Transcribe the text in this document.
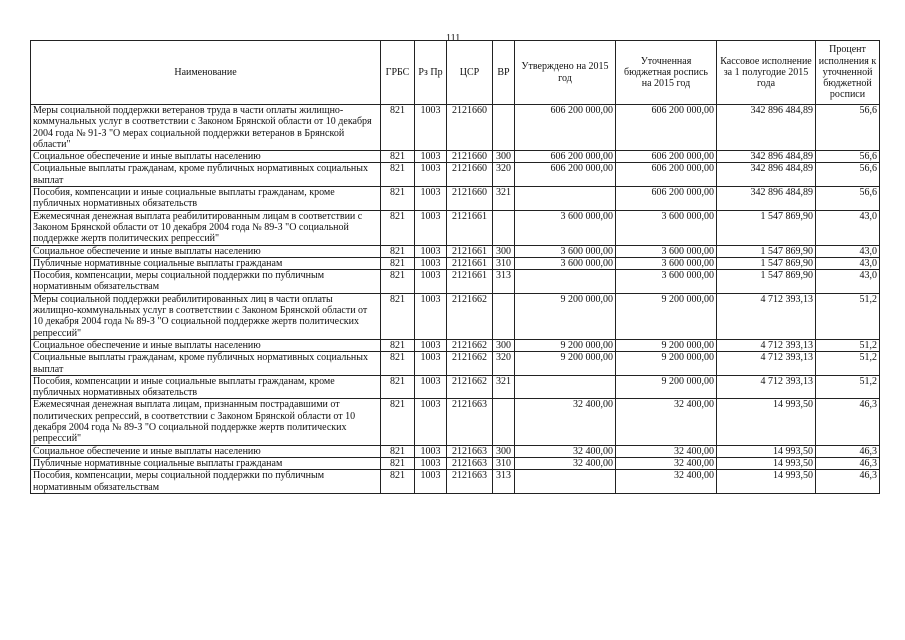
111
Наименование	ГРБС	Рз Пр	ЦСР	ВР	Утверждено на 2015 год	Уточненная бюджетная роспись на 2015 год	Кассовое исполнение за 1 полугодие 2015 года	Процент исполнения к уточненной бюджетной росписи
Меры социальной поддержки ветеранов труда в части оплаты жилищно-коммунальных услуг в соответствии с Законом Брянской области от 10 декабря 2004 года № 91-З "О мерах социальной поддержки ветеранов в Брянской области"	821	1003	2121660		606 200 000,00	606 200 000,00	342 896 484,89	56,6
Социальное обеспечение и иные выплаты населению	821	1003	2121660	300	606 200 000,00	606 200 000,00	342 896 484,89	56,6
Социальные выплаты гражданам, кроме публичных нормативных социальных выплат	821	1003	2121660	320	606 200 000,00	606 200 000,00	342 896 484,89	56,6
Пособия, компенсации и иные социальные выплаты гражданам, кроме публичных нормативных обязательств	821	1003	2121660	321		606 200 000,00	342 896 484,89	56,6
Ежемесячная денежная выплата реабилитированным лицам в соответствии с Законом Брянской области от 10 декабря 2004 года № 89-З "О социальной поддержке жертв политических репрессий"	821	1003	2121661		3 600 000,00	3 600 000,00	1 547 869,90	43,0
Социальное обеспечение и иные выплаты населению	821	1003	2121661	300	3 600 000,00	3 600 000,00	1 547 869,90	43,0
Публичные нормативные социальные выплаты гражданам	821	1003	2121661	310	3 600 000,00	3 600 000,00	1 547 869,90	43,0
Пособия, компенсации, меры социальной поддержки по публичным нормативным обязательствам	821	1003	2121661	313		3 600 000,00	1 547 869,90	43,0
Меры социальной поддержки реабилитированных лиц в части оплаты жилищно-коммунальных услуг в соответствии с Законом Брянской области от 10 декабря 2004 года № 89-З "О социальной поддержке жертв политических репрессий"	821	1003	2121662		9 200 000,00	9 200 000,00	4 712 393,13	51,2
Социальное обеспечение и иные выплаты населению	821	1003	2121662	300	9 200 000,00	9 200 000,00	4 712 393,13	51,2
Социальные выплаты гражданам, кроме публичных нормативных социальных выплат	821	1003	2121662	320	9 200 000,00	9 200 000,00	4 712 393,13	51,2
Пособия, компенсации и иные социальные выплаты гражданам, кроме публичных нормативных обязательств	821	1003	2121662	321		9 200 000,00	4 712 393,13	51,2
Ежемесячная денежная выплата лицам, признанным пострадавшими от политических репрессий, в соответствии с Законом Брянской области от 10 декабря 2004 года № 89-З "О социальной поддержке жертв политических репрессий"	821	1003	2121663		32 400,00	32 400,00	14 993,50	46,3
Социальное обеспечение и иные выплаты населению	821	1003	2121663	300	32 400,00	32 400,00	14 993,50	46,3
Публичные нормативные социальные выплаты гражданам	821	1003	2121663	310	32 400,00	32 400,00	14 993,50	46,3
Пособия, компенсации, меры социальной поддержки по публичным нормативным обязательствам	821	1003	2121663	313		32 400,00	14 993,50	46,3
